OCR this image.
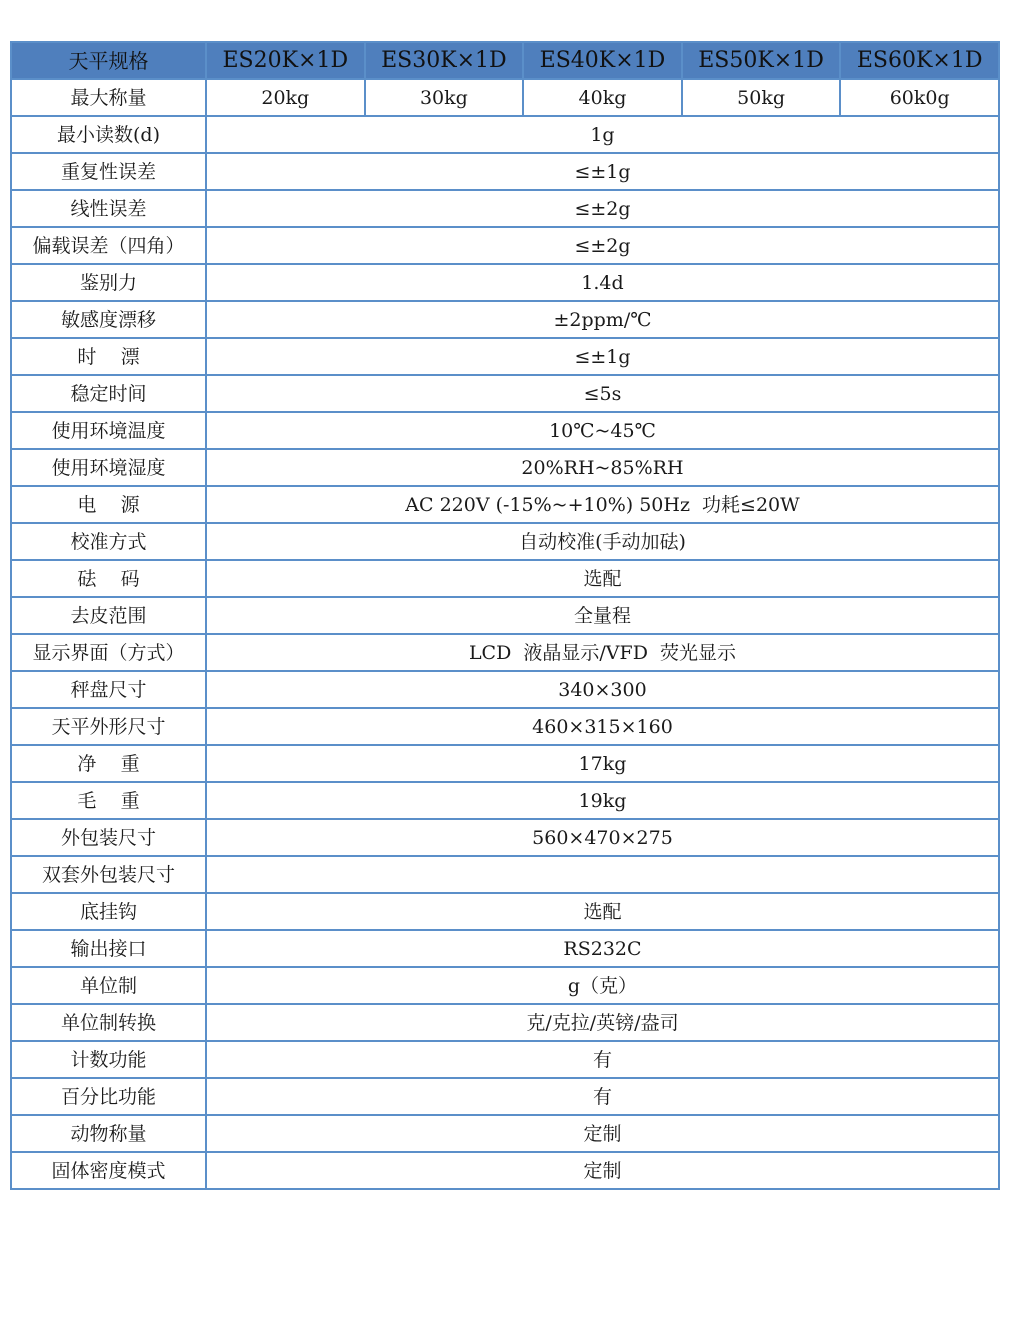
天平规格	ES20K×1D	ES30K×1D	ES40K×1D	ES50K×1D	ES60K×1D
最大称量	20kg	30kg	40kg	50kg	60k0g
最小读数(d)	1g				
重复性误差	≤±1g				
线性误差	≤±2g				
偏载误差（四角）	≤±2g				
鉴别力	1.4d				
敏感度漂移	±2ppm/℃				
时    漂	≤±1g				
稳定时间	≤5s				
使用环境温度	10℃~45℃				
使用环境湿度	20%RH~85%RH				
电    源	AC 220V (-15%~+10%) 50Hz  功耗≤20W				
校准方式	自动校准(手动加砝)				
砝    码	选配				
去皮范围	全量程				
显示界面（方式）	LCD  液晶显示/VFD  荧光显示				
秤盘尺寸	340×300				
天平外形尺寸	460×315×160				
净    重	17kg				
毛    重	19kg				
外包装尺寸	560×470×275				
双套外包装尺寸					
底挂钩	选配				
输出接口	RS232C				
单位制	g（克）				
单位制转换	克/克拉/英镑/盎司				
计数功能	有				
百分比功能	有				
动物称量	定制				
固体密度模式	定制				
